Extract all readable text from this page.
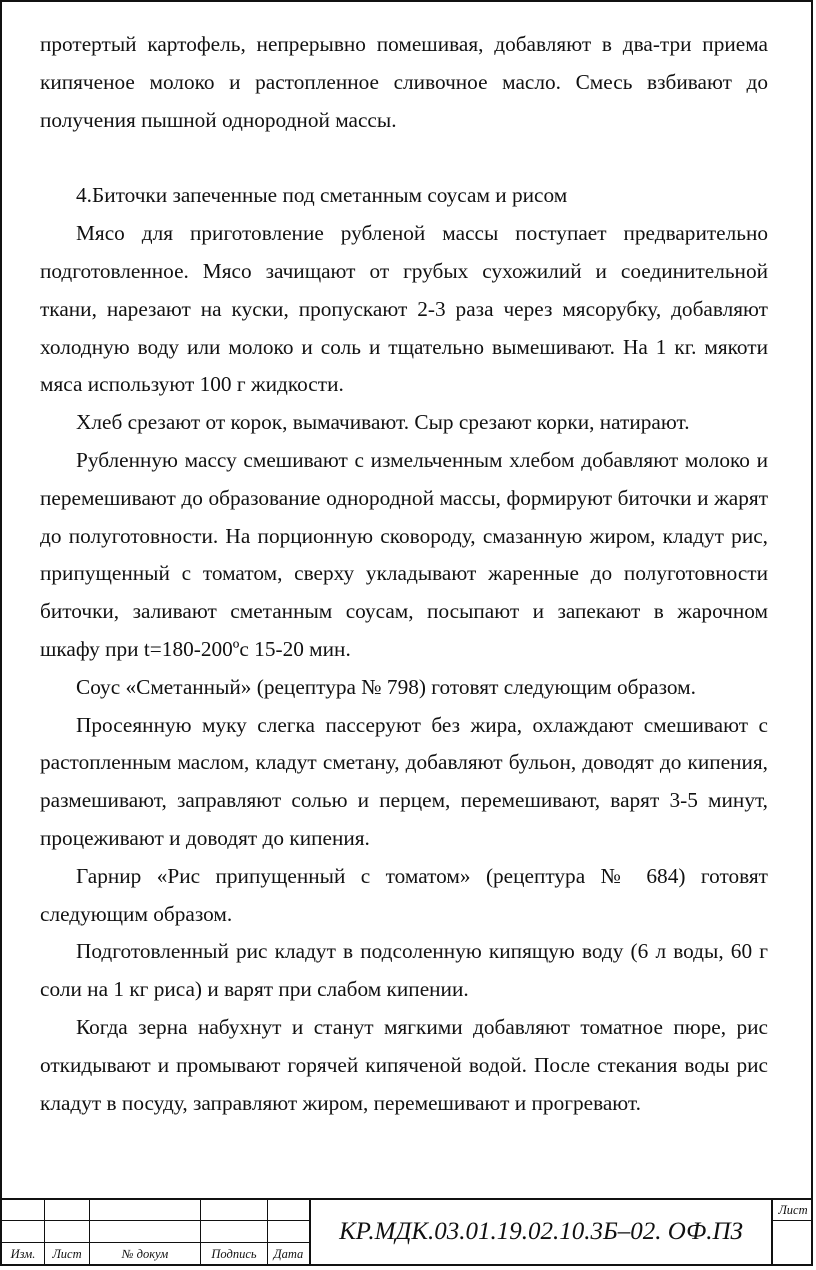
протертый картофель, непрерывно помешивая, добавляют в два-три приема кипяченое молоко и растопленное сливочное масло. Смесь взбивают до получения пышной однородной массы.

4.Биточки запеченные под сметанным соусам и рисом

Мясо для приготовление рубленой массы поступает предварительно подготовленное. Мясо зачищают от грубых сухожилий и соединительной ткани, нарезают на куски, пропускают 2-3 раза через мясорубку, добавляют холодную воду или молоко и соль и тщательно вымешивают. На 1 кг. мякоти мяса используют 100 г жидкости.

Хлеб срезают от корок, вымачивают. Сыр срезают корки, натирают.

Рубленную массу смешивают с измельченным хлебом добавляют молоко и перемешивают до образование однородной массы, формируют биточки и жарят до полуготовности. На порционную сковороду, смазанную жиром, кладут рис, припущенный с томатом, сверху укладывают жаренные до полуготовности биточки, заливают сметанным соусам, посыпают и запекают в жарочном шкафу при t=180-200ºс 15-20 мин.

Соус «Сметанный» (рецептура № 798) готовят следующим образом.

Просеянную муку слегка пассеруют без жира, охлаждают смешивают с растопленным маслом, кладут сметану, добавляют бульон, доводят до кипения, размешивают, заправляют солью и перцем, перемешивают, варят 3-5 минут, процеживают и доводят до кипения.

Гарнир «Рис припущенный с томатом» (рецептура № 684) готовят следующим образом.

Подготовленный рис кладут в подсоленную кипящую воду (6 л воды, 60 г соли на 1 кг риса) и варят при слабом кипении.

Когда зерна набухнут и станут мягкими добавляют томатное пюре, рис откидывают и промывают горячей кипяченой водой. После стекания воды рис кладут в посуду, заправляют жиром, перемешивают и прогревают.

Изм.	Лист	№ докум	Подпись	Дата
Лист
КР.МДК.03.01.19.02.10.3Б–02. ОФ.ПЗ
